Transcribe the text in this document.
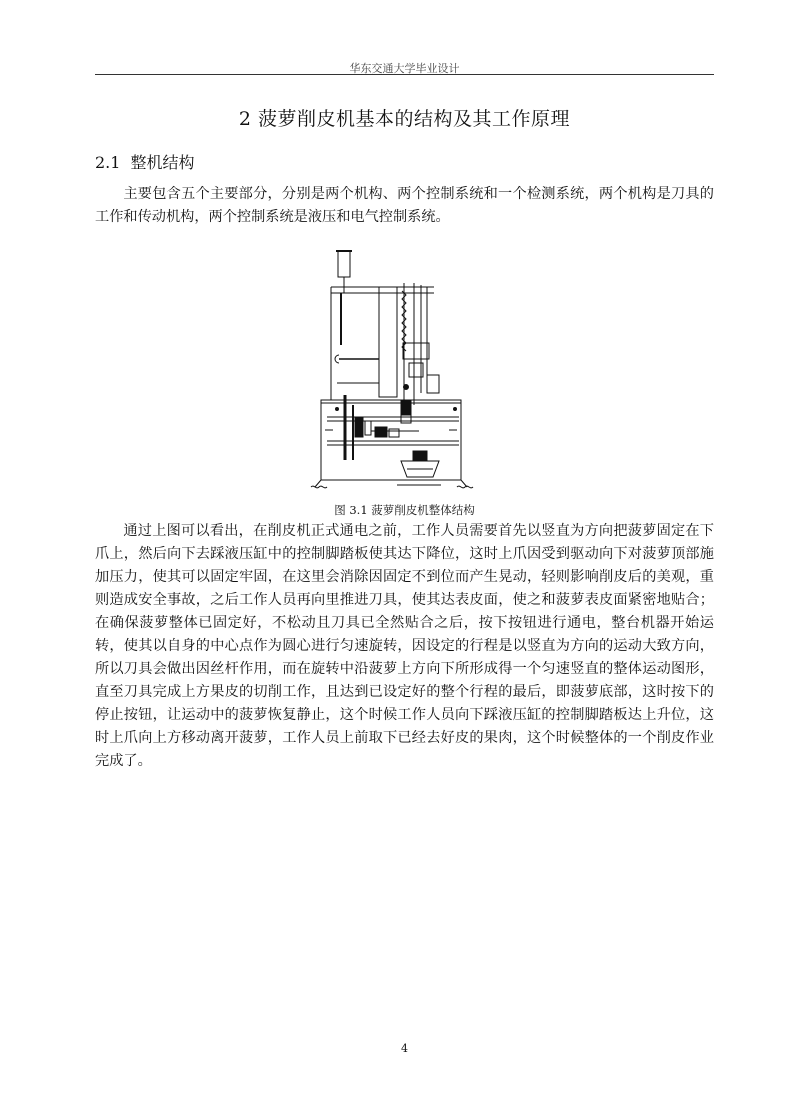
华东交通大学毕业设计
2 菠萝削皮机基本的结构及其工作原理
2.1 整机结构

主要包含五个主要部分，分别是两个机构、两个控制系统和一个检测系统，两个机构是刀具的工作和传动机构，两个控制系统是液压和电气控制系统。

图 3.1 菠萝削皮机整体结构

通过上图可以看出，在削皮机正式通电之前，工作人员需要首先以竖直为方向把菠萝固定在下爪上，然后向下去踩液压缸中的控制脚踏板使其达下降位，这时上爪因受到驱动向下对菠萝顶部施加压力，使其可以固定牢固，在这里会消除因固定不到位而产生晃动，轻则影响削皮后的美观，重则造成安全事故，之后工作人员再向里推进刀具，使其达表皮面，使之和菠萝表皮面紧密地贴合；在确保菠萝整体已固定好，不松动且刀具已全然贴合之后，按下按钮进行通电，整台机器开始运转，使其以自身的中心点作为圆心进行匀速旋转，因设定的行程是以竖直为方向的运动大致方向，所以刀具会做出因丝杆作用，而在旋转中沿菠萝上方向下所形成得一个匀速竖直的整体运动图形，直至刀具完成上方果皮的切削工作，且达到已设定好的整个行程的最后，即菠萝底部，这时按下的停止按钮，让运动中的菠萝恢复静止，这个时候工作人员向下踩液压缸的控制脚踏板达上升位，这时上爪向上方移动离开菠萝，工作人员上前取下已经去好皮的果肉，这个时候整体的一个削皮作业完成了。

4
